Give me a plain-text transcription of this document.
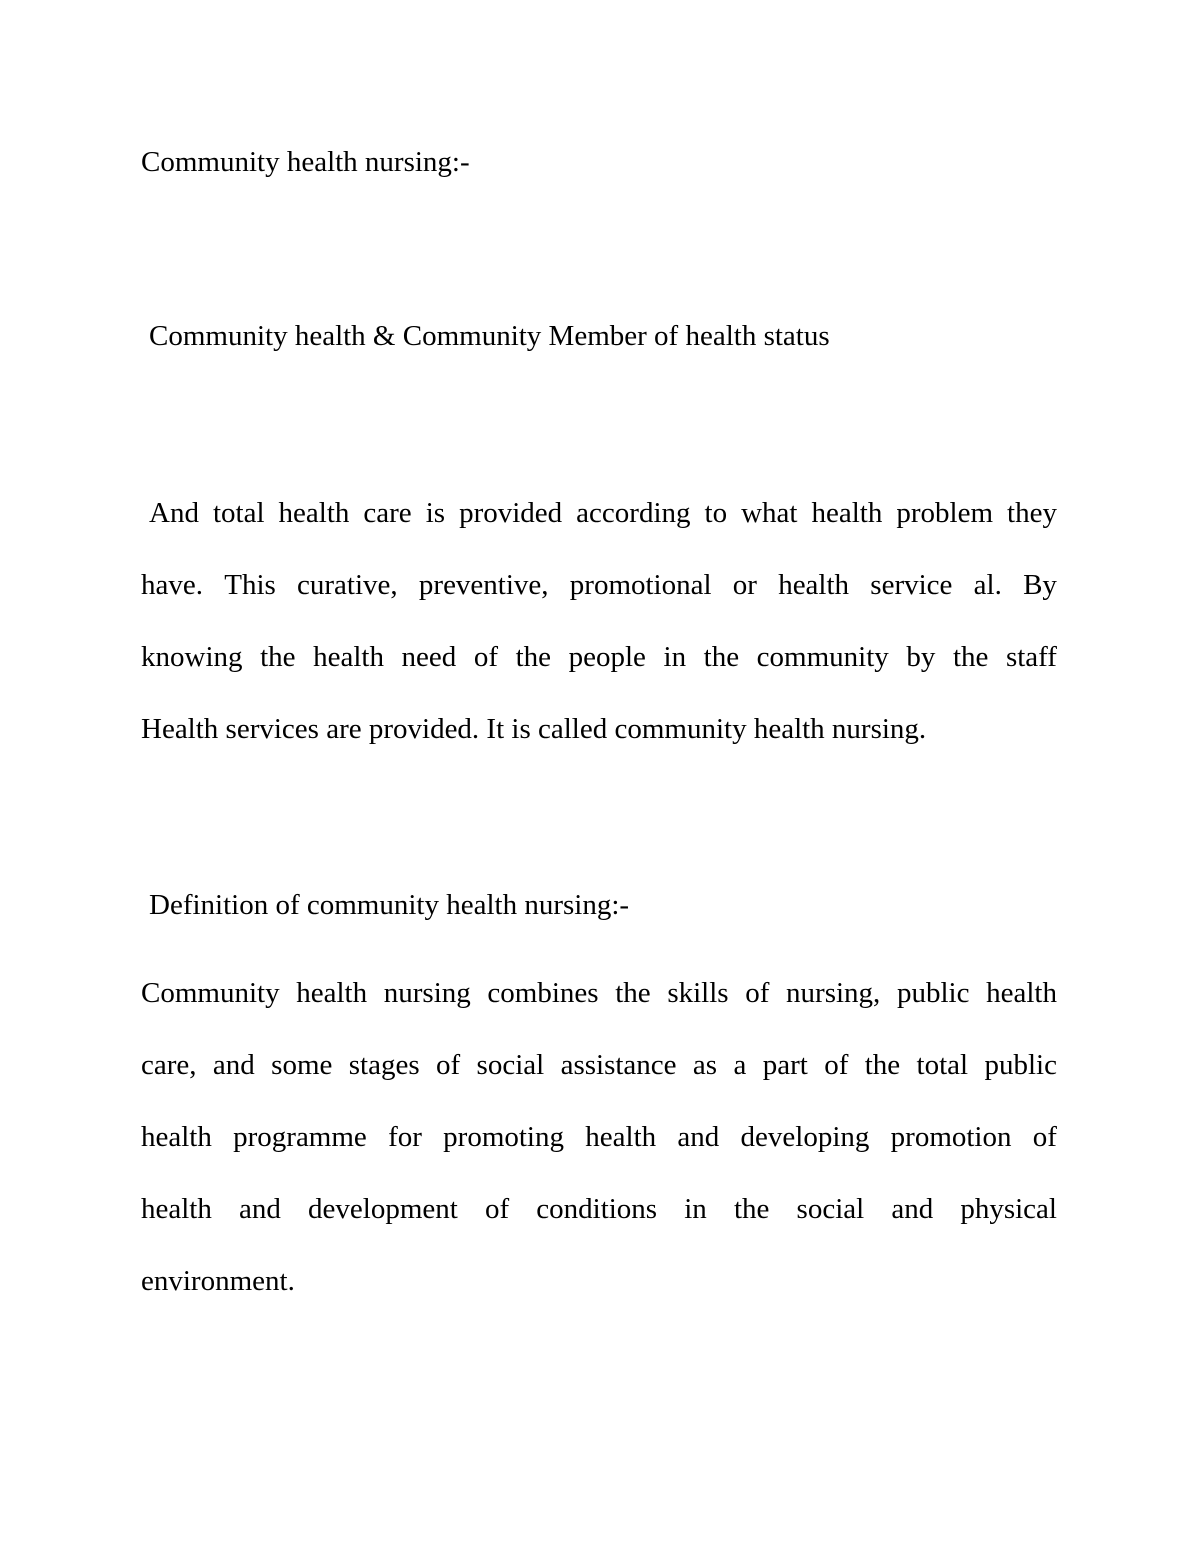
Community health nursing:-
Community health & Community Member of health status
And total health care is provided according to what health problem they
have. This curative, preventive, promotional or health service al. By
knowing the health need of the people in the community by the staff
Health services are provided. It is called community health nursing.
Definition of community health nursing:-
Community health nursing combines the skills of nursing, public health
care, and some stages of social assistance as a part of the total public
health programme for promoting health and developing promotion of
health and development of conditions in the social and physical
environment.
